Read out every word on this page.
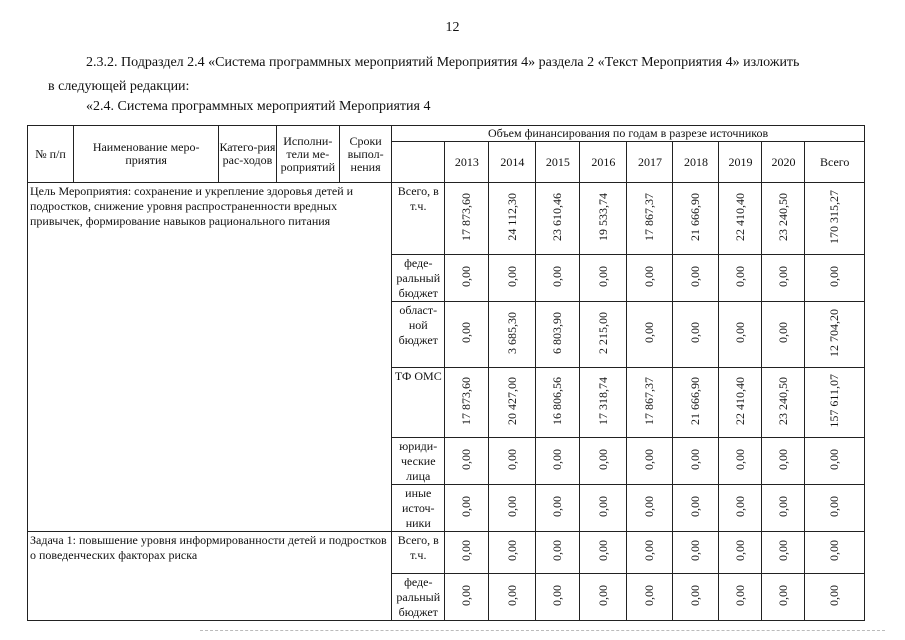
12

2.3.2. Подраздел 2.4 «Система программных мероприятий Мероприятия 4» раздела 2 «Текст Мероприятия 4» изложить
в следующей редакции:

«2.4. Система программных мероприятий Мероприятия 4

№ п/п	Наименование меро-приятия	Катего-рия рас-ходов	Исполни-тели ме-роприятий	Сроки выпол-нения	Объем финансирования по годам в разрезе источников									
						2013	2014	2015	2016	2017	2018	2019	2020	Всего
Цель Мероприятия: сохранение и укрепление здоровья детей и подростков, снижение уровня распространенности вредных привычек, формирование навыков рационального питания					Всего, в т.ч.	17 873,60	24 112,30	23 610,46	19 533,74	17 867,37	21 666,90	22 410,40	23 240,50	170 315,27
					феде-ральный бюджет	0,00	0,00	0,00	0,00	0,00	0,00	0,00	0,00	0,00
					област-ной бюджет	0,00	3 685,30	6 803,90	2 215,00	0,00	0,00	0,00	0,00	12 704,20
					ТФ ОМС	17 873,60	20 427,00	16 806,56	17 318,74	17 867,37	21 666,90	22 410,40	23 240,50	157 611,07
					юриди-ческие лица	0,00	0,00	0,00	0,00	0,00	0,00	0,00	0,00	0,00
					иные источ-ники	0,00	0,00	0,00	0,00	0,00	0,00	0,00	0,00	0,00
Задача 1: повышение уровня информированности детей и подростков о поведенческих факторах риска					Всего, в т.ч.	0,00	0,00	0,00	0,00	0,00	0,00	0,00	0,00	0,00
					феде-ральный бюджет	0,00	0,00	0,00	0,00	0,00	0,00	0,00	0,00	0,00
